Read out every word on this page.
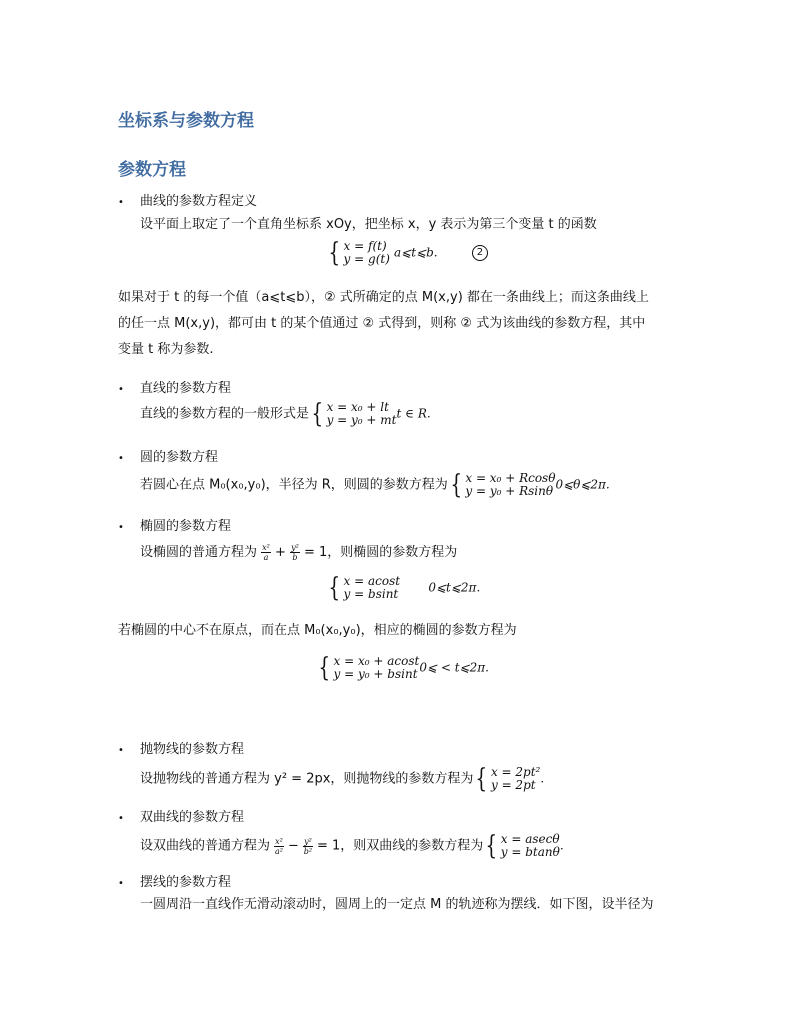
坐标系与参数方程
参数方程
• 曲线的参数方程定义
设平面上取定了一个直角坐标系 xOy，把坐标 x，y 表示为第三个变量 t 的函数
{ x = f(t)
y = g(t) a⩽t⩽b.	2
如果对于 t 的每一个值（a⩽t⩽b），② 式所确定的点 M(x,y) 都在一条曲线上；而这条曲线上
的任一点 M(x,y)，都可由 t 的某个值通过 ② 式得到，则称 ② 式为该曲线的参数方程，其中
变量 t 称为参数.
• 直线的参数方程
直线的参数方程的一般形式是 { x = x₀ + lt
y = y₀ + mt t ∈ R.
• 圆的参数方程
若圆心在点 M₀(x₀,y₀)，半径为 R，则圆的参数方程为 { x = x₀ + Rcosθ
y = y₀ + Rsinθ 0⩽θ⩽2π.
• 椭圆的参数方程
设椭圆的普通方程为 $\frac{\text{x²}}{a} + \frac{\text{y²}}{b} = 1$，则椭圆的参数方程为
{ x = acost
y = bsint	0⩽t⩽2π.
若椭圆的中心不在原点，而在点 M₀(x₀,y₀)，相应的椭圆的参数方程为
{ x = x₀ + acost
y = y₀ + bsint 0⩽ < t⩽2π.
• 抛物线的参数方程
设抛物线的普通方程为 y² = 2px，则抛物线的参数方程为 { x = 2pt²
y = 2pt .
• 双曲线的参数方程
设双曲线的普通方程为 $\frac{\text{x²}}{\text{a²}} - \frac{\text{y²}}{\text{b²}} = 1$，则双曲线的参数方程为 { x = asecθ
y = btanθ .
• 摆线的参数方程
一圆周沿一直线作无滑动滚动时，圆周上的一定点 M 的轨迹称为摆线．如下图，设半径为
